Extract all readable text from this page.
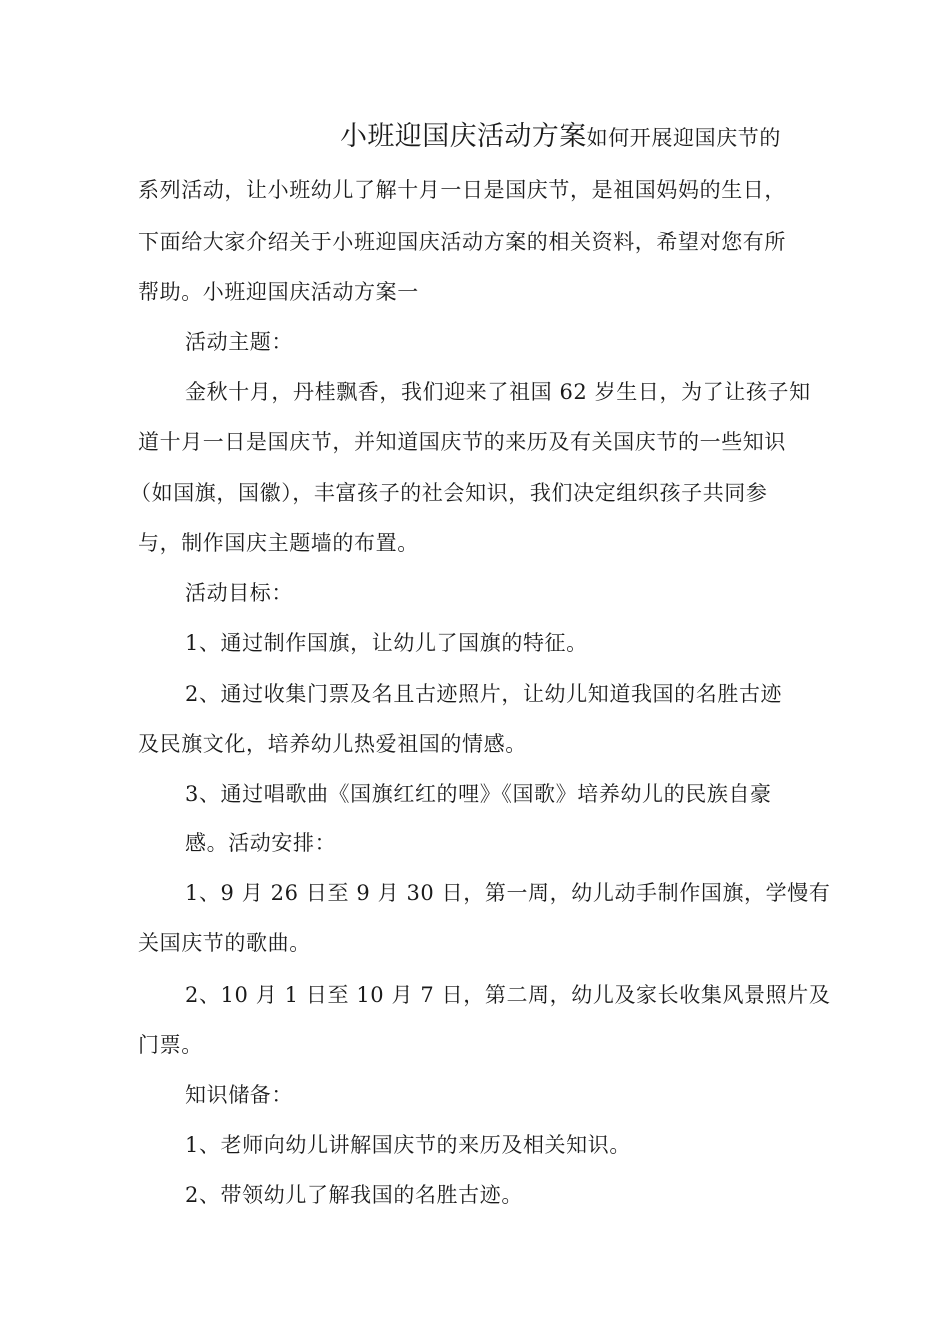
小班迎国庆活动方案如何开展迎国庆节的
系列活动，让小班幼儿了解十月一日是国庆节，是祖国妈妈的生日，
下面给大家介绍关于小班迎国庆活动方案的相关资料，希望对您有所
帮助。小班迎国庆活动方案一
活动主题：
金秋十月，丹桂飘香，我们迎来了祖国 62 岁生日，为了让孩子知
道十月一日是国庆节，并知道国庆节的来历及有关国庆节的一些知识
（如国旗，国徽），丰富孩子的社会知识，我们决定组织孩子共同参
与，制作国庆主题墙的布置。
活动目标：
1、通过制作国旗，让幼儿了国旗的特征。
2、通过收集门票及名且古迹照片，让幼儿知道我国的名胜古迹
及民旗文化，培养幼儿热爱祖国的情感。
3、通过唱歌曲《国旗红红的哩》《国歌》培养幼儿的民族自豪
感。活动安排：
1、9 月 26 日至 9 月 30 日，第一周，幼儿动手制作国旗，学慢有
关国庆节的歌曲。
2、10 月 1 日至 10 月 7 日，第二周，幼儿及家长收集风景照片及
门票。
知识储备：
1、老师向幼儿讲解国庆节的来历及相关知识。
2、带领幼儿了解我国的名胜古迹。
